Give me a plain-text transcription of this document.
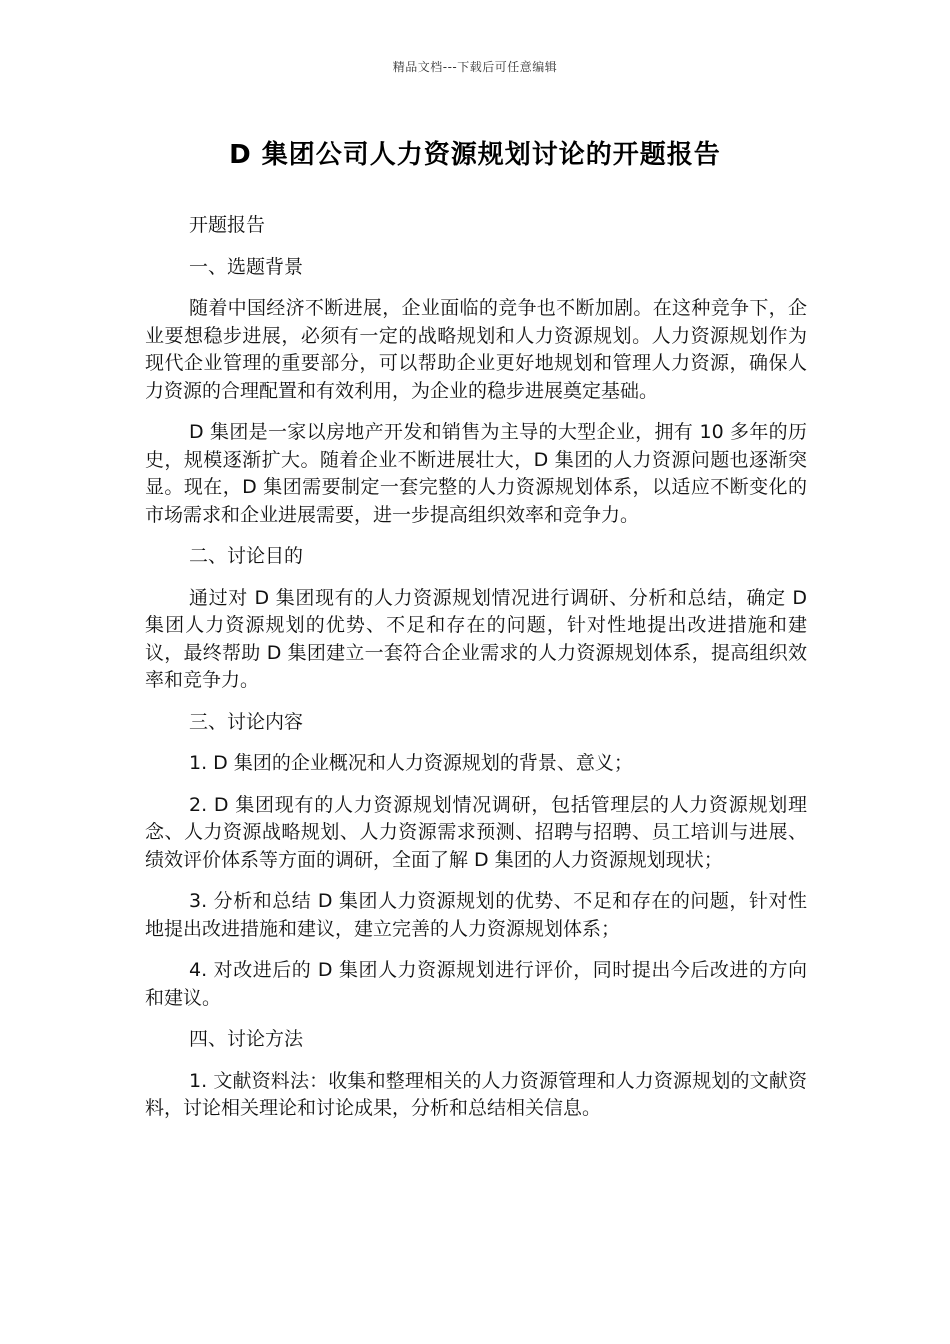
精品文档---下载后可任意编辑
D 集团公司人力资源规划讨论的开题报告

开题报告

一、选题背景

随着中国经济不断进展，企业面临的竞争也不断加剧。在这种竞争下，企业要想稳步进展，必须有一定的战略规划和人力资源规划。人力资源规划作为现代企业管理的重要部分，可以帮助企业更好地规划和管理人力资源，确保人力资源的合理配置和有效利用，为企业的稳步进展奠定基础。

D 集团是一家以房地产开发和销售为主导的大型企业，拥有 10 多年的历史，规模逐渐扩大。随着企业不断进展壮大，D 集团的人力资源问题也逐渐突显。现在，D 集团需要制定一套完整的人力资源规划体系，以适应不断变化的市场需求和企业进展需要，进一步提高组织效率和竞争力。

二、讨论目的

通过对 D 集团现有的人力资源规划情况进行调研、分析和总结，确定 D 集团人力资源规划的优势、不足和存在的问题，针对性地提出改进措施和建议，最终帮助 D 集团建立一套符合企业需求的人力资源规划体系，提高组织效率和竞争力。

三、讨论内容

1. D 集团的企业概况和人力资源规划的背景、意义；

2. D 集团现有的人力资源规划情况调研，包括管理层的人力资源规划理念、人力资源战略规划、人力资源需求预测、招聘与招聘、员工培训与进展、绩效评价体系等方面的调研，全面了解 D 集团的人力资源规划现状；

3. 分析和总结 D 集团人力资源规划的优势、不足和存在的问题，针对性地提出改进措施和建议，建立完善的人力资源规划体系；

4. 对改进后的 D 集团人力资源规划进行评价，同时提出今后改进的方向和建议。

四、讨论方法

1. 文献资料法：收集和整理相关的人力资源管理和人力资源规划的文献资料，讨论相关理论和讨论成果，分析和总结相关信息。
